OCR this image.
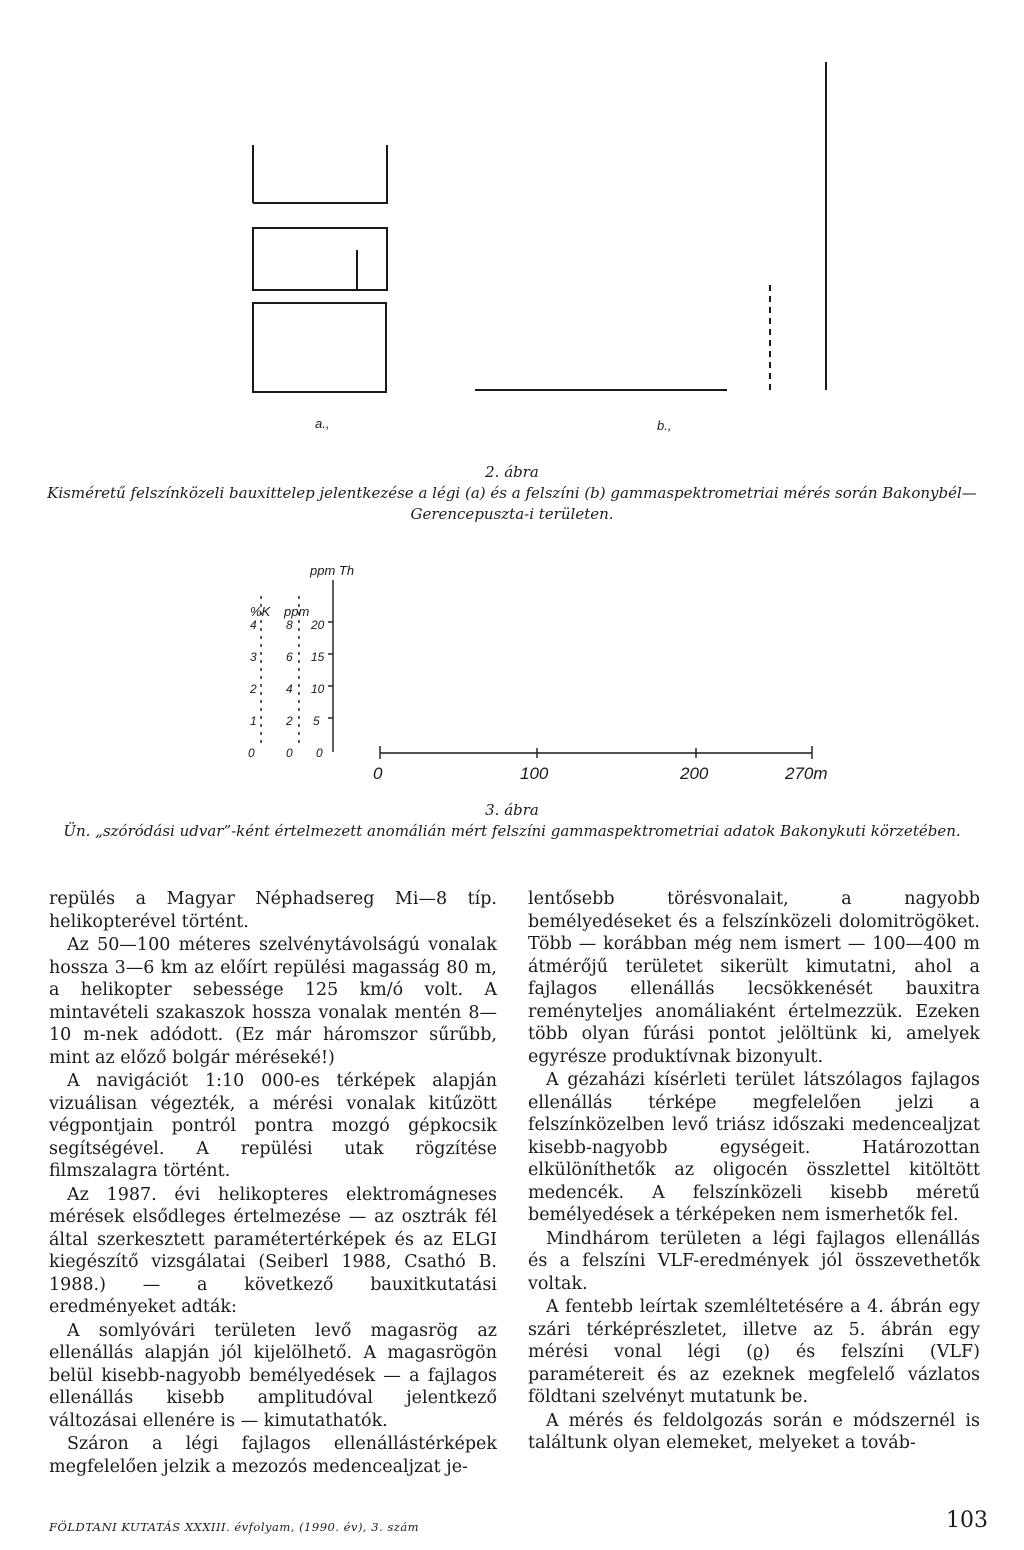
a.,	b.,
2. ábra
Kisméretű felszínközeli bauxittelep jelentkezése a légi (a) és a felszíni (b) gammaspektrometriai mérés során Bakonybél—Gerencepuszta-i területen.
ppm Th
%K ppm
4
3
2
1
0
8
6
4
2
0
20
15
10
5
0
0	100	200	270m
3. ábra
Ün. „szóródási udvar”-ként értelmezett anomálián mért felszíni gammaspektrometriai adatok Bakonykuti körzetében.

repülés a Magyar Néphadsereg Mi—8 típ. helikopterével történt.

Az 50—100 méteres szelvénytávolságú vonalak hossza 3—6 km az előírt repülési magasság 80 m, a helikopter sebessége 125 km/ó volt. A mintavételi szakaszok hossza vonalak mentén 8—10 m-nek adódott. (Ez már háromszor sűrűbb, mint az előző bolgár méréseké!)

A navigációt 1:10 000-es térképek alapján vizuálisan végezték, a mérési vonalak kitűzött végpontjain pontról pontra mozgó gépkocsik segítségével. A repülési utak rögzítése filmszalagra történt.

Az 1987. évi helikopteres elektromágneses mérések elsődleges értelmezése — az osztrák fél által szerkesztett paramétertérképek és az ELGI kiegészítő vizsgálatai (Seiberl 1988, Csathó B. 1988.) — a következő bauxitkutatási eredményeket adták:

A somlyóvári területen levő magasrög az ellenállás alapján jól kijelölhető. A magasrögön belül kisebb-nagyobb bemélyedések — a fajlagos ellenállás kisebb amplitudóval jelentkező változásai ellenére is — kimutathatók.

Száron a légi fajlagos ellenállástérképek megfelelően jelzik a mezozós medencealjzat je-

lentősebb törésvonalait, a nagyobb bemélyedéseket és a felszínközeli dolomitrögöket. Több — korábban még nem ismert — 100—400 m átmérőjű területet sikerült kimutatni, ahol a fajlagos ellenállás lecsökkenését bauxitra reményteljes anomáliaként értelmezzük. Ezeken több olyan fúrási pontot jelöltünk ki, amelyek egyrésze produktívnak bizonyult.

A gézaházi kísérleti terület látszólagos fajlagos ellenállás térképe megfelelően jelzi a felszínközelben levő triász időszaki medencealjzat kisebb-nagyobb egységeit. Határozottan elkülöníthetők az oligocén összlettel kitöltött medencék. A felszínközeli kisebb méretű bemélyedések a térképeken nem ismerhetők fel.

Mindhárom területen a légi fajlagos ellenállás és a felszíni VLF-eredmények jól összevethetők voltak.

A fentebb leírtak szemléltetésére a 4. ábrán egy szári térképrészletet, illetve az 5. ábrán egy mérési vonal légi (ϱ) és felszíni (VLF) paramétereit és az ezeknek megfelelő vázlatos földtani szelvényt mutatunk be.

A mérés és feldolgozás során e módszernél is találtunk olyan elemeket, melyeket a továb-

FÖLDTANI KUTATÁS XXXIII. évfolyam, (1990. év), 3. szám	103
